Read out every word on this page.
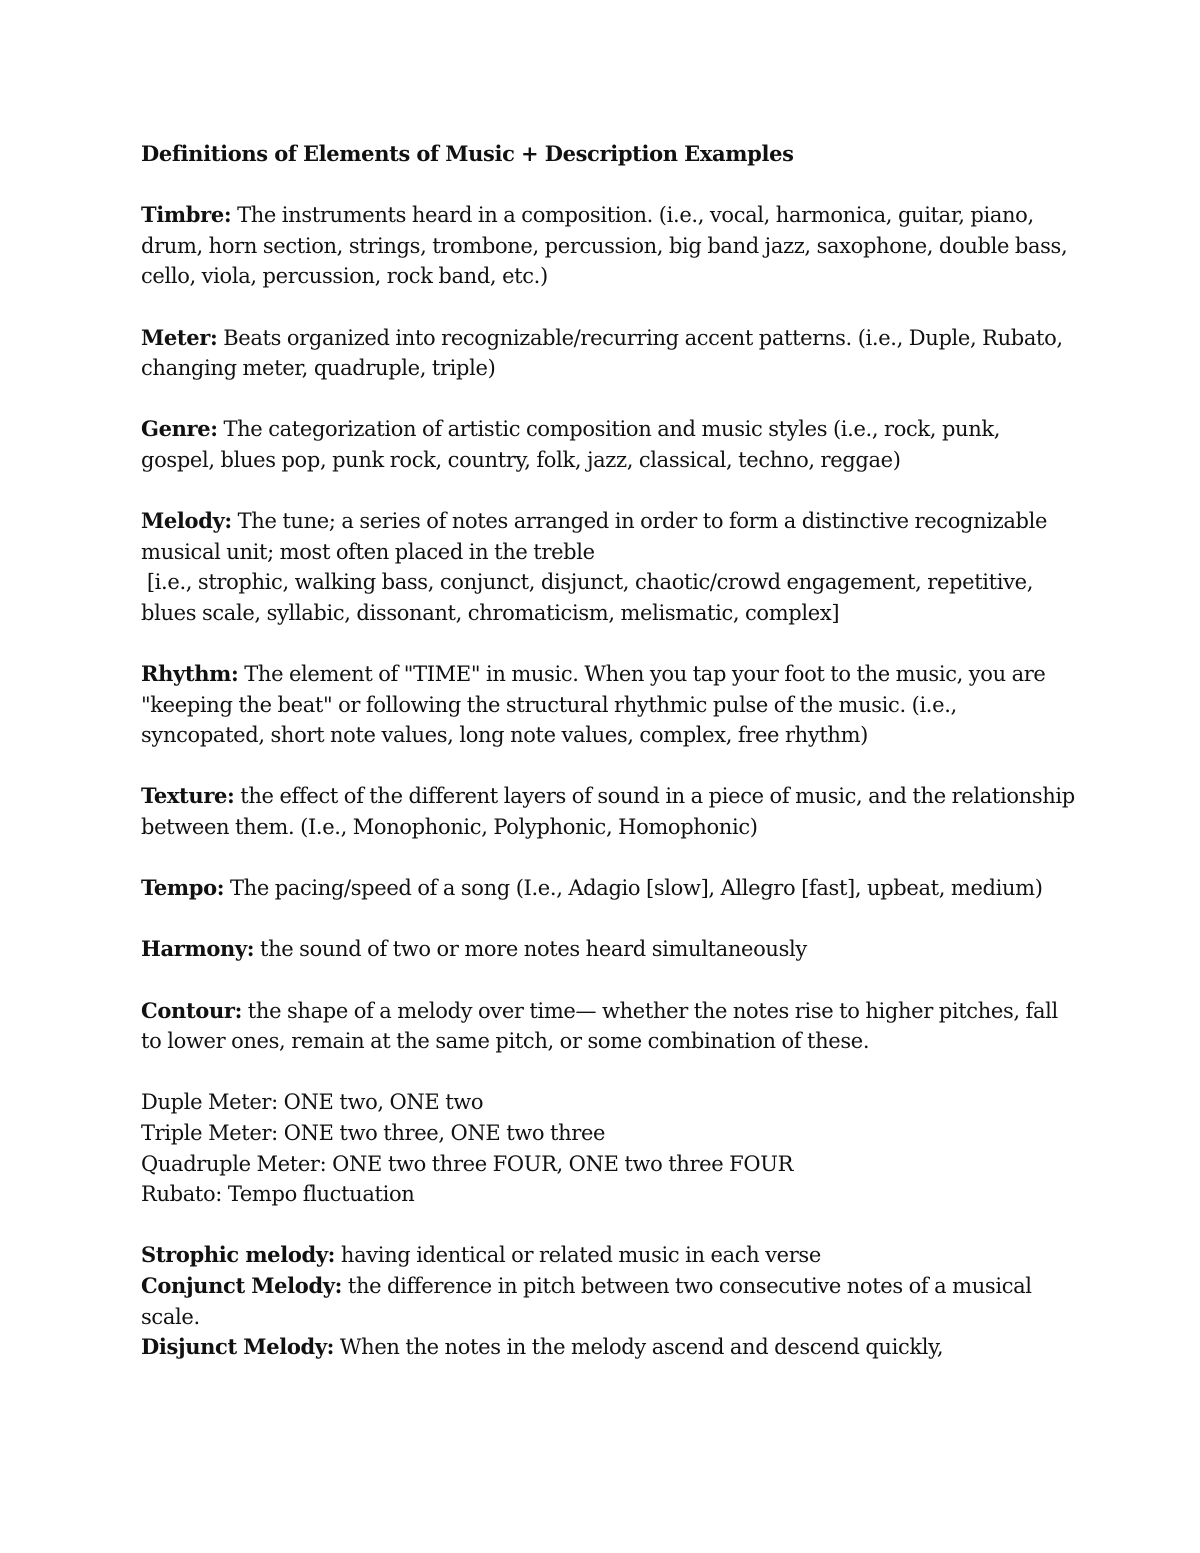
Definitions of Elements of Music + Description Examples
Timbre: The instruments heard in a composition. (i.e., vocal, harmonica, guitar, piano, drum, horn section, strings, trombone, percussion, big band jazz, saxophone, double bass, cello, viola, percussion, rock band, etc.)
Meter: Beats organized into recognizable/recurring accent patterns. (i.e., Duple, Rubato, changing meter, quadruple, triple)
Genre: The categorization of artistic composition and music styles (i.e., rock, punk, gospel, blues pop, punk rock, country, folk, jazz, classical, techno, reggae)
Melody: The tune; a series of notes arranged in order to form a distinctive recognizable musical unit; most often placed in the treble
[i.e., strophic, walking bass, conjunct, disjunct, chaotic/crowd engagement, repetitive, blues scale, syllabic, dissonant, chromaticism, melismatic, complex]
Rhythm: The element of "TIME" in music. When you tap your foot to the music, you are "keeping the beat" or following the structural rhythmic pulse of the music. (i.e., syncopated, short note values, long note values, complex, free rhythm)
Texture: the effect of the different layers of sound in a piece of music, and the relationship between them. (I.e., Monophonic, Polyphonic, Homophonic)
Tempo: The pacing/speed of a song (I.e., Adagio [slow], Allegro [fast], upbeat, medium)
Harmony: the sound of two or more notes heard simultaneously
Contour: the shape of a melody over time— whether the notes rise to higher pitches, fall to lower ones, remain at the same pitch, or some combination of these.
Duple Meter: ONE two, ONE two
Triple Meter: ONE two three, ONE two three
Quadruple Meter: ONE two three FOUR, ONE two three FOUR
Rubato: Tempo fluctuation
Strophic melody: having identical or related music in each verse
Conjunct Melody: the difference in pitch between two consecutive notes of a musical scale.
Disjunct Melody: When the notes in the melody ascend and descend quickly,
